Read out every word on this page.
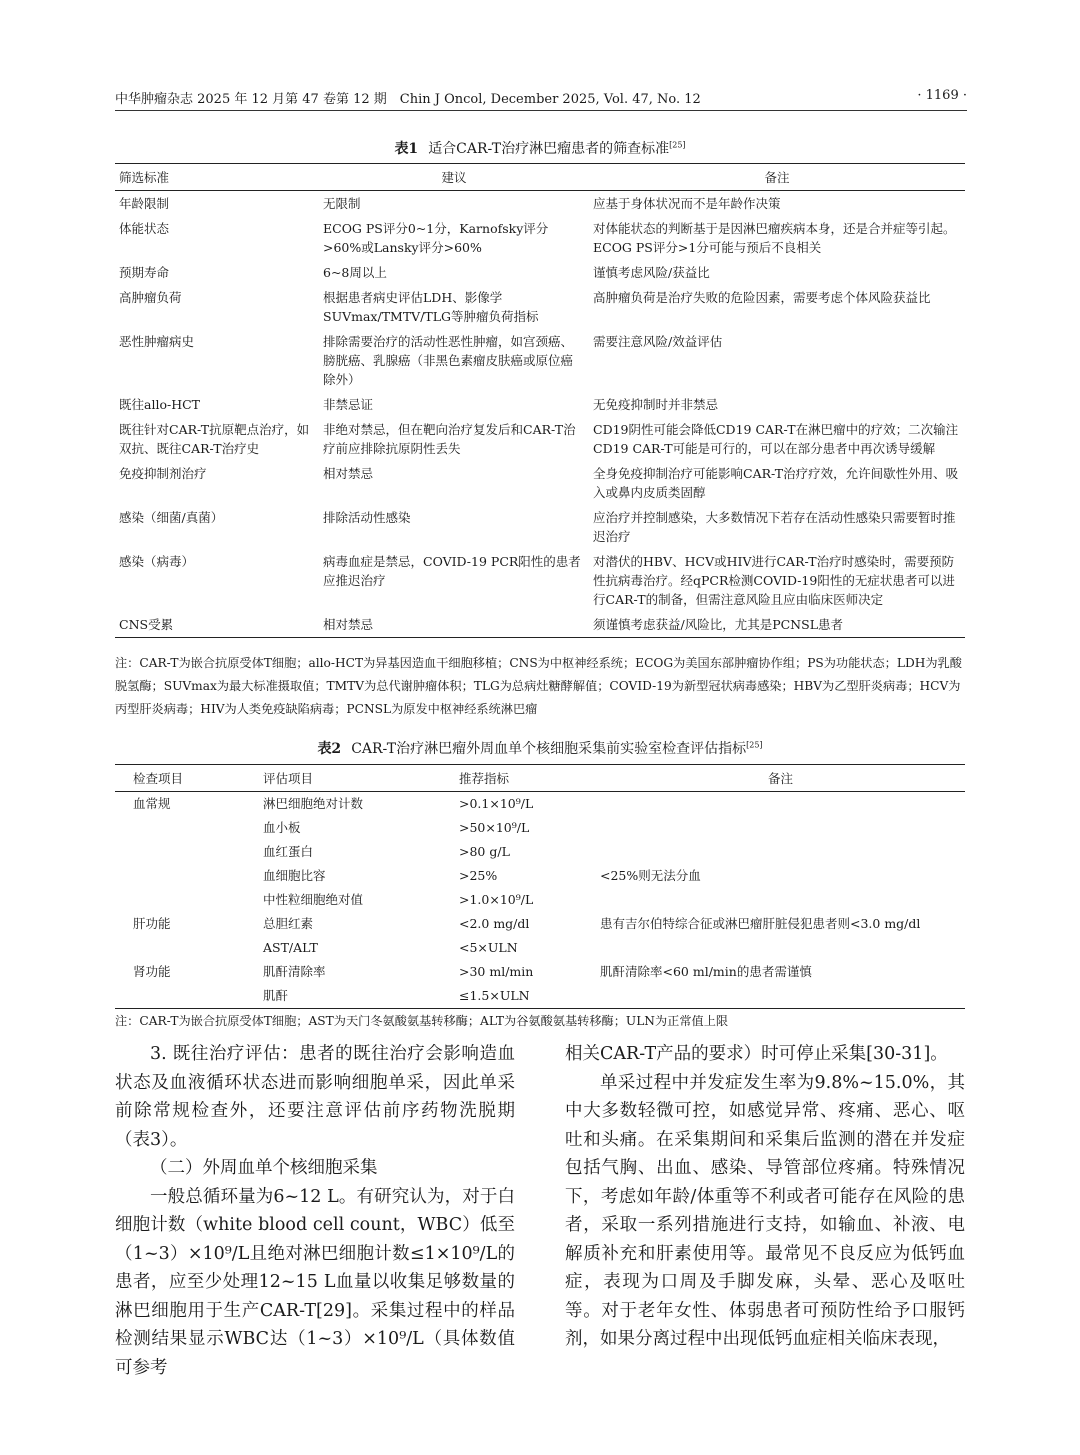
中华肿瘤杂志 2025 年 12 月第 47 卷第 12 期　Chin J Oncol, December 2025, Vol. 47, No. 12	· 1169 ·
表1 适合CAR-T治疗淋巴瘤患者的筛查标准[25]
筛选标准	建议	备注
年龄限制	无限制	应基于身体状况而不是年龄作决策
体能状态	ECOG PS评分0~1分，Karnofsky评分>60%或Lansky评分>60%	对体能状态的判断基于是因淋巴瘤疾病本身，还是合并症等引起。ECOG PS评分>1分可能与预后不良相关
预期寿命	6~8周以上	谨慎考虑风险/获益比
高肿瘤负荷	根据患者病史评估LDH、影像学SUVmax/TMTV/TLG等肿瘤负荷指标	高肿瘤负荷是治疗失败的危险因素，需要考虑个体风险获益比
恶性肿瘤病史	排除需要治疗的活动性恶性肿瘤，如宫颈癌、膀胱癌、乳腺癌（非黑色素瘤皮肤癌或原位癌除外）	需要注意风险/效益评估
既往allo-HCT	非禁忌证	无免疫抑制时并非禁忌
既往针对CAR-T抗原靶点治疗，如双抗、既往CAR-T治疗史	非绝对禁忌，但在靶向治疗复发后和CAR-T治疗前应排除抗原阴性丢失	CD19阴性可能会降低CD19 CAR-T在淋巴瘤中的疗效；二次输注CD19 CAR-T可能是可行的，可以在部分患者中再次诱导缓解
免疫抑制剂治疗	相对禁忌	全身免疫抑制治疗可能影响CAR-T治疗疗效，允许间歇性外用、吸入或鼻内皮质类固醇
感染（细菌/真菌）	排除活动性感染	应治疗并控制感染，大多数情况下若存在活动性感染只需要暂时推迟治疗
感染（病毒）	病毒血症是禁忌，COVID-19 PCR阳性的患者应推迟治疗	对潜伏的HBV、HCV或HIV进行CAR-T治疗时感染时，需要预防性抗病毒治疗。经qPCR检测COVID-19阳性的无症状患者可以进行CAR-T的制备，但需注意风险且应由临床医师决定
CNS受累	相对禁忌	须谨慎考虑获益/风险比，尤其是PCNSL患者
注：CAR-T为嵌合抗原受体T细胞；allo-HCT为异基因造血干细胞移植；CNS为中枢神经系统；ECOG为美国东部肿瘤协作组；PS为功能状态；LDH为乳酸脱氢酶；SUVmax为最大标准摄取值；TMTV为总代谢肿瘤体积；TLG为总病灶糖酵解值；COVID-19为新型冠状病毒感染；HBV为乙型肝炎病毒；HCV为丙型肝炎病毒；HIV为人类免疫缺陷病毒；PCNSL为原发中枢神经系统淋巴瘤
表2 CAR-T治疗淋巴瘤外周血单个核细胞采集前实验室检查评估指标[25]
检查项目	评估项目	推荐指标	备注
血常规	淋巴细胞绝对计数	>0.1×10⁹/L	
	血小板	>50×10⁹/L	
	血红蛋白	>80 g/L	
	血细胞比容	>25%	<25%则无法分血
	中性粒细胞绝对值	>1.0×10⁹/L	
肝功能	总胆红素	<2.0 mg/dl	患有吉尔伯特综合征或淋巴瘤肝脏侵犯患者则<3.0 mg/dl
	AST/ALT	<5×ULN	
肾功能	肌酐清除率	>30 ml/min	肌酐清除率<60 ml/min的患者需谨慎
	肌酐	≤1.5×ULN	
注：CAR-T为嵌合抗原受体T细胞；AST为天门冬氨酸氨基转移酶；ALT为谷氨酸氨基转移酶；ULN为正常值上限

3. 既往治疗评估：患者的既往治疗会影响造血状态及血液循环状态进而影响细胞单采，因此单采前除常规检查外，还要注意评估前序药物洗脱期（表3）。

（二）外周血单个核细胞采集

一般总循环量为6~12 L。有研究认为，对于白细胞计数（white blood cell count，WBC）低至（1~3）×10⁹/L且绝对淋巴细胞计数≤1×10⁹/L的患者，应至少处理12~15 L血量以收集足够数量的淋巴细胞用于生产CAR-T[29]。采集过程中的样品检测结果显示WBC达（1~3）×10⁹/L（具体数值可参考

相关CAR-T产品的要求）时可停止采集[30-31]。

单采过程中并发症发生率为9.8%~15.0%，其中大多数轻微可控，如感觉异常、疼痛、恶心、呕吐和头痛。在采集期间和采集后监测的潜在并发症包括气胸、出血、感染、导管部位疼痛。特殊情况下，考虑如年龄/体重等不利或者可能存在风险的患者，采取一系列措施进行支持，如输血、补液、电解质补充和肝素使用等。最常见不良反应为低钙血症，表现为口周及手脚发麻，头晕、恶心及呕吐等。对于老年女性、体弱患者可预防性给予口服钙剂，如果分离过程中出现低钙血症相关临床表现，
